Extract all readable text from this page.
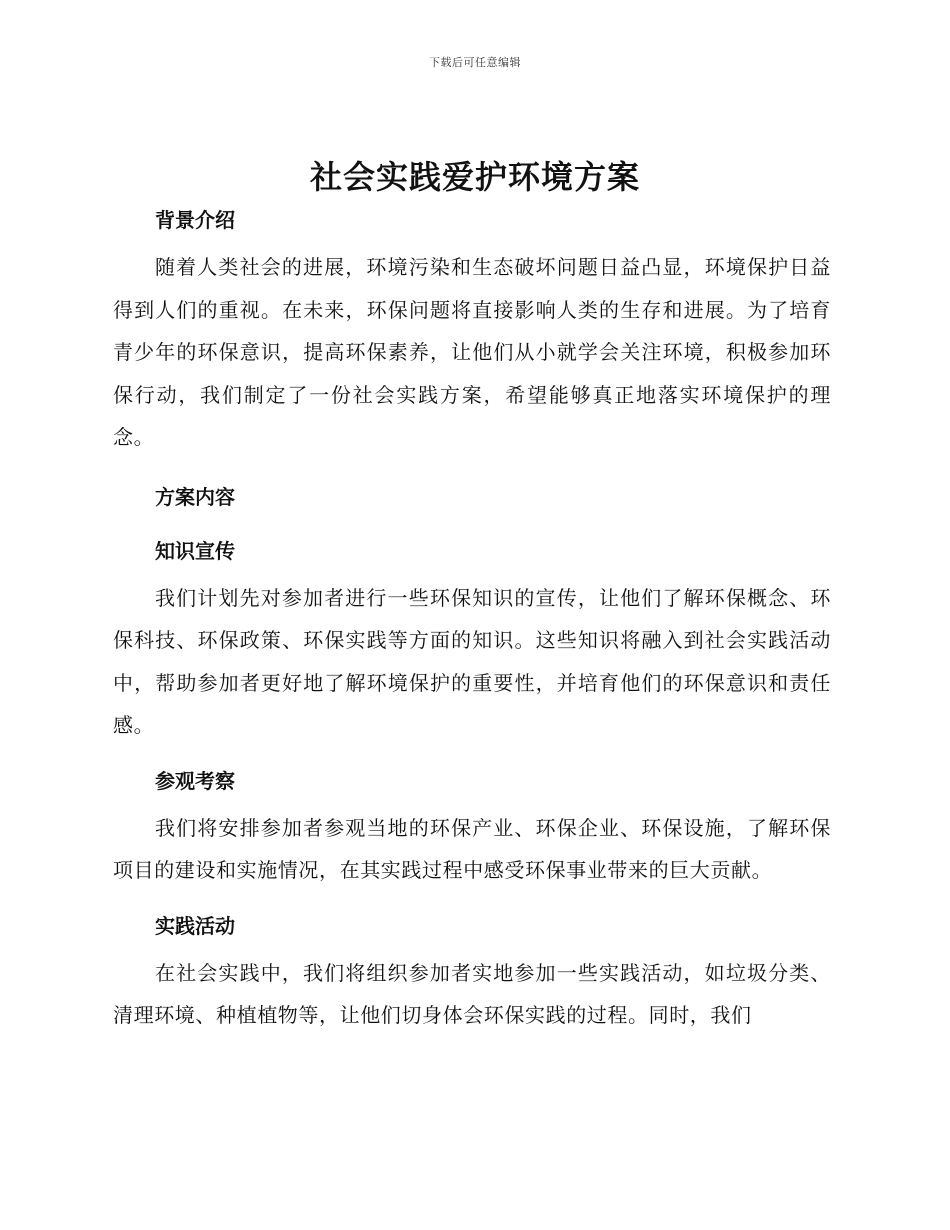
下载后可任意编辑
社会实践爱护环境方案
背景介绍

随着人类社会的进展，环境污染和生态破坏问题日益凸显，环境保护日益得到人们的重视。在未来，环保问题将直接影响人类的生存和进展。为了培育青少年的环保意识，提高环保素养，让他们从小就学会关注环境，积极参加环保行动，我们制定了一份社会实践方案，希望能够真正地落实环境保护的理念。

方案内容
知识宣传

我们计划先对参加者进行一些环保知识的宣传，让他们了解环保概念、环保科技、环保政策、环保实践等方面的知识。这些知识将融入到社会实践活动中，帮助参加者更好地了解环境保护的重要性，并培育他们的环保意识和责任感。

参观考察

我们将安排参加者参观当地的环保产业、环保企业、环保设施，了解环保项目的建设和实施情况，在其实践过程中感受环保事业带来的巨大贡献。

实践活动

在社会实践中，我们将组织参加者实地参加一些实践活动，如垃圾分类、清理环境、种植植物等，让他们切身体会环保实践的过程。同时，我们
